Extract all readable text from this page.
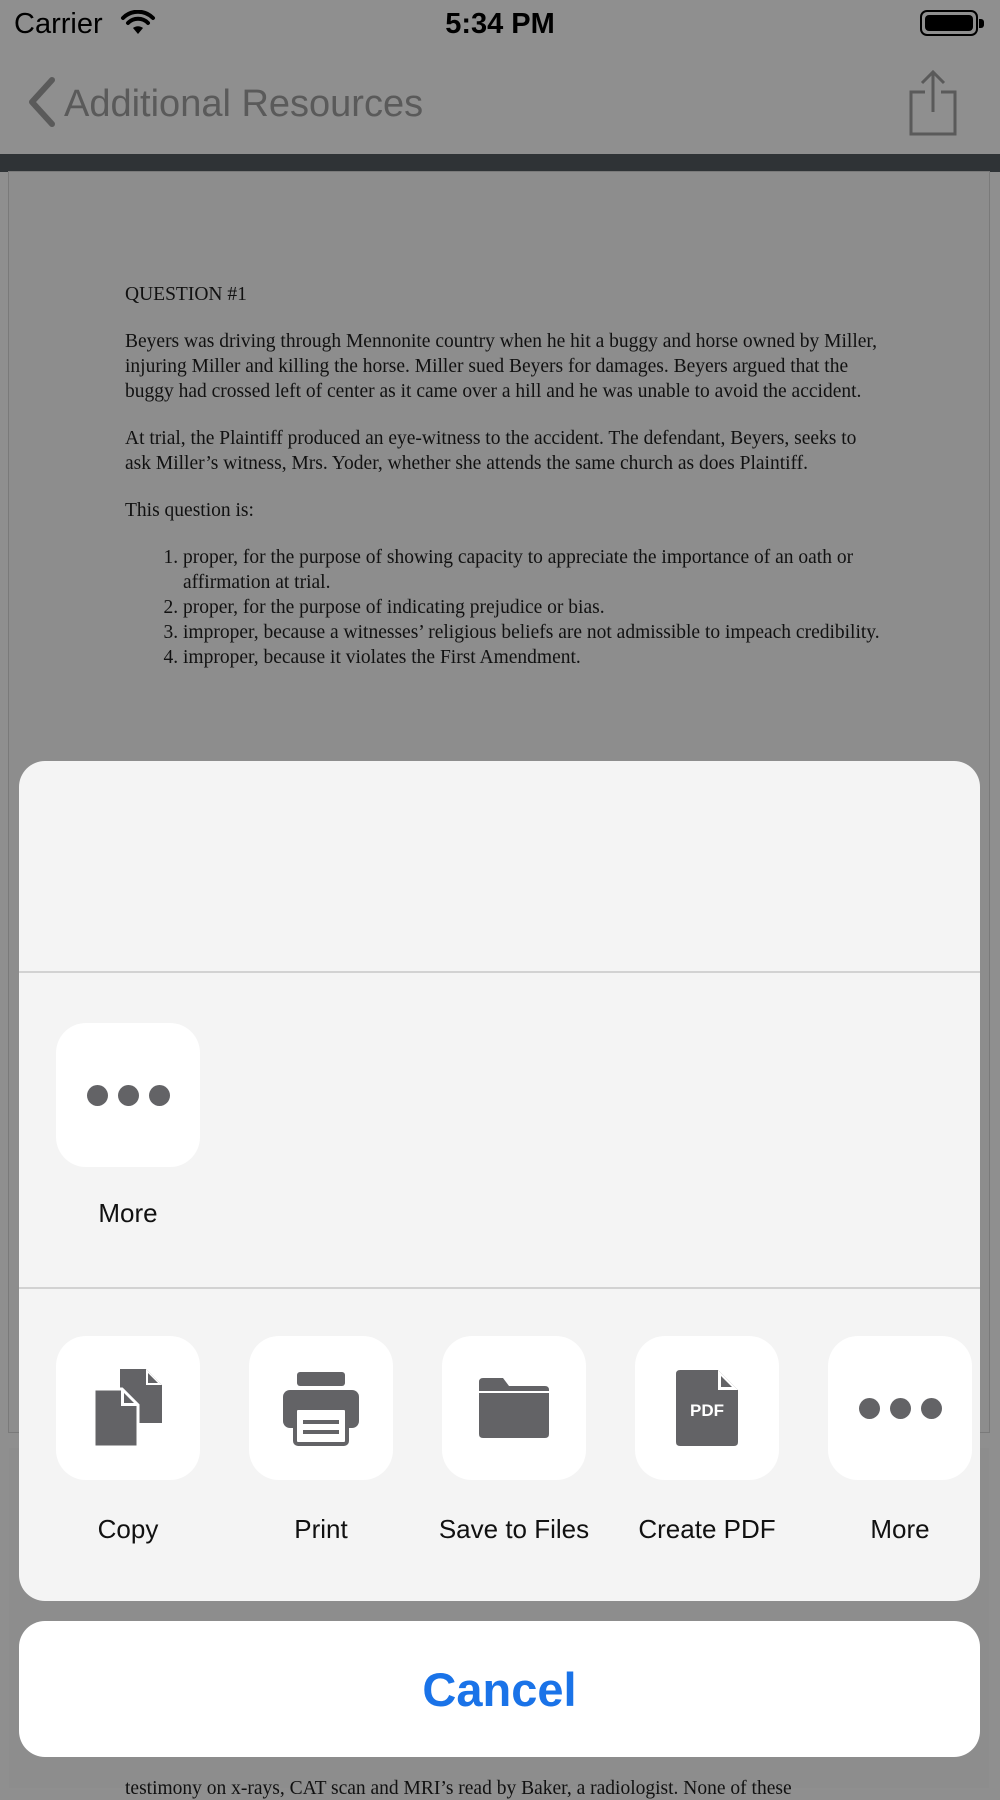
Carrier	5:34 PM
Additional Resources

QUESTION #1

Beyers was driving through Mennonite country when he hit a buggy and horse owned by Miller, injuring Miller and killing the horse. Miller sued Beyers for damages. Beyers argued that the buggy had crossed left of center as it came over a hill and he was unable to avoid the accident.

At trial, the Plaintiff produced an eye-witness to the accident. The defendant, Beyers, seeks to ask Miller’s witness, Mrs. Yoder, whether she attends the same church as does Plaintiff.

This question is:

1. proper, for the purpose of showing capacity to appreciate the importance of an oath or affirmation at trial.
2. proper, for the purpose of indicating prejudice or bias.
3. improper, because a witnesses’ religious beliefs are not admissible to impeach credibility.
4. improper, because it violates the First Amendment.
testimony on x-rays, CAT scan and MRI’s read by Baker, a radiologist. None of these
More
Copy	Print	Save to Files
PDF
Create PDF	More
Cancel
